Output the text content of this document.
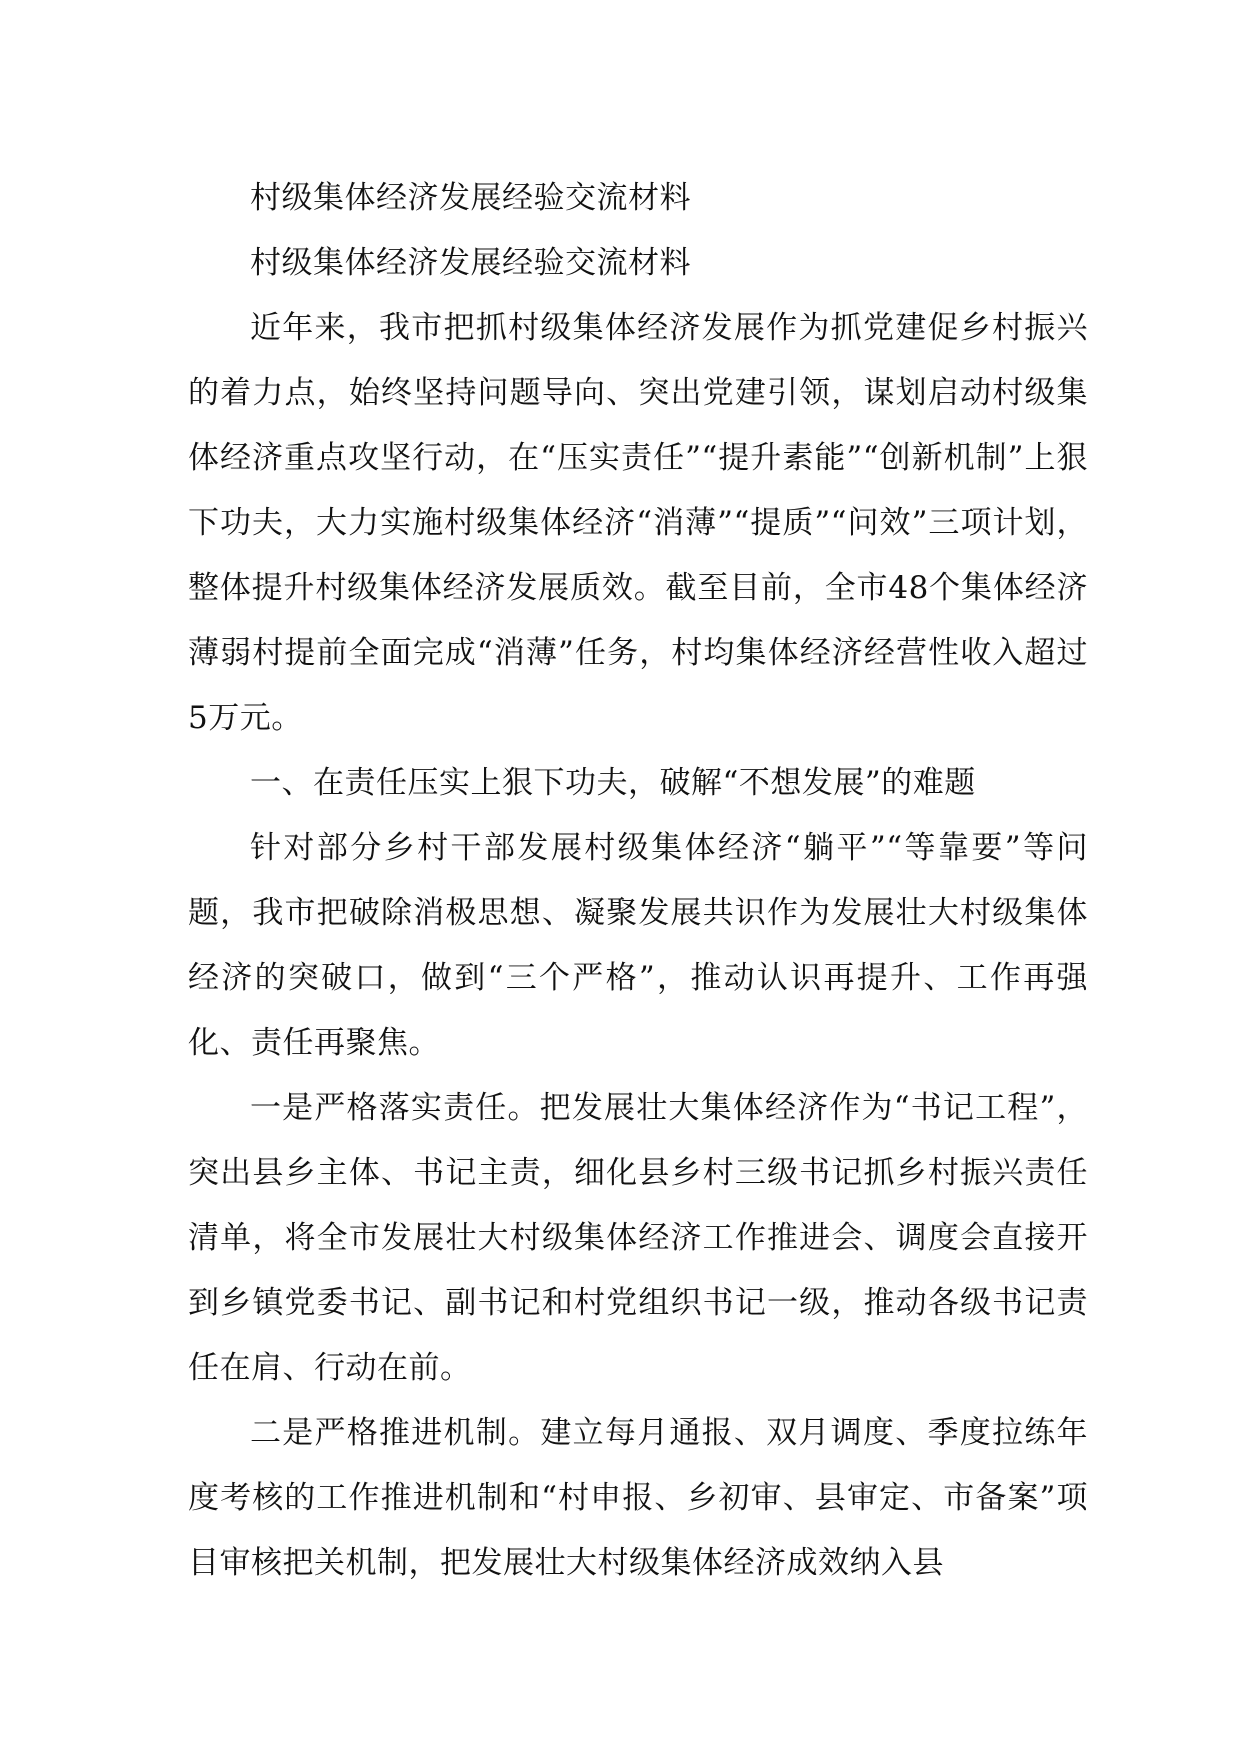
村级集体经济发展经验交流材料

村级集体经济发展经验交流材料

近年来，我市把抓村级集体经济发展作为抓党建促乡村振兴的着力点，始终坚持问题导向、突出党建引领，谋划启动村级集体经济重点攻坚行动，在“压实责任”“提升素能”“创新机制”上狠下功夫，大力实施村级集体经济“消薄”“提质”“问效”三项计划，整体提升村级集体经济发展质效。截至目前，全市48个集体经济薄弱村提前全面完成“消薄”任务，村均集体经济经营性收入超过5万元。

一、在责任压实上狠下功夫，破解“不想发展”的难题

针对部分乡村干部发展村级集体经济“躺平”“等靠要”等问题，我市把破除消极思想、凝聚发展共识作为发展壮大村级集体经济的突破口，做到“三个严格”，推动认识再提升、工作再强化、责任再聚焦。

一是严格落实责任。把发展壮大集体经济作为“书记工程”，突出县乡主体、书记主责，细化县乡村三级书记抓乡村振兴责任清单，将全市发展壮大村级集体经济工作推进会、调度会直接开到乡镇党委书记、副书记和村党组织书记一级，推动各级书记责任在肩、行动在前。

二是严格推进机制。建立每月通报、双月调度、季度拉练年度考核的工作推进机制和“村申报、乡初审、县审定、市备案”项目审核把关机制，把发展壮大村级集体经济成效纳入县
